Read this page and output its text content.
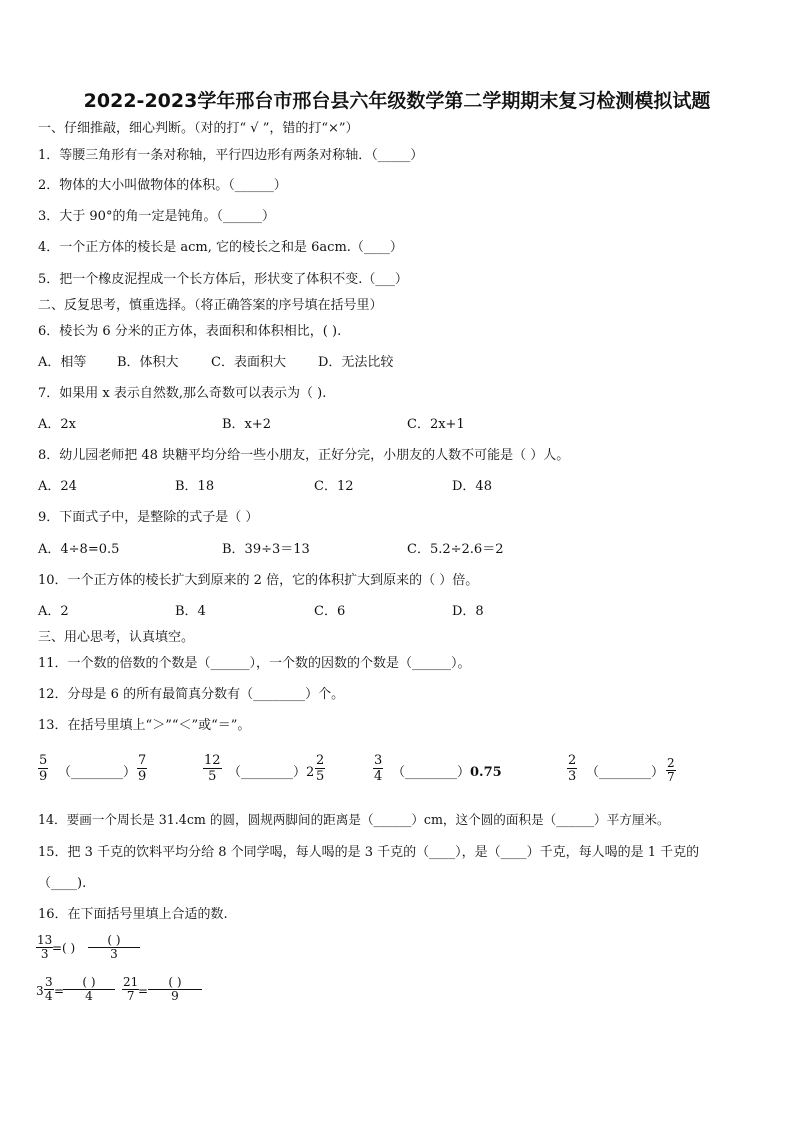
2022-2023学年邢台市邢台县六年级数学第二学期期末复习检测模拟试题
一、仔细推敲，细心判断。（对的打“ √ ”，错的打“×”）
1．等腰三角形有一条对称轴，平行四边形有两条对称轴．（_____）
2．物体的大小叫做物体的体积。（______）
3．大于 90°的角一定是钝角。（______）
4．一个正方体的棱长是 acm, 它的棱长之和是 6acm.（____）
5．把一个橡皮泥捏成一个长方体后，形状变了体积不变.（___）
二、反复思考，慎重选择。（将正确答案的序号填在括号里）
6．棱长为 6 分米的正方体，表面积和体积相比，( ).
A．相等 B．体积大 C．表面积大 D．无法比较
7．如果用 x 表示自然数,那么奇数可以表示为（ ).
A．2x	B．x+2	C．2x+1
8．幼儿园老师把 48 块糖平均分给一些小朋友，正好分完，小朋友的人数不可能是（ ）人。
A．24	B．18	C．12	D．48
9．下面式子中，是整除的式子是（ ）
A．4÷8=0.5	B．39÷3＝13	C．5.2÷2.6＝2
10．一个正方体的棱长扩大到原来的 2 倍，它的体积扩大到原来的（ ）倍。
A．2	B．4	C．6	D．8
三、用心思考，认真填空。
11．一个数的倍数的个数是（______），一个数的因数的个数是（______）。
12．分母是 6 的所有最简真分数有（________）个。
13．在括号里填上“＞”“＜”或“＝”。
5
9 （________）
7
9
12
5 （________） 2
2
5
3
4 （________） 0.75
2
3 （________）
2
7
14．要画一个周长是 31.4cm 的圆，圆规两脚间的距离是（______）cm，这个圆的面积是（______）平方厘米。
15．把 3 千克的饮料平均分给 8 个同学喝，每人喝的是 3 千克的（____），是（____）千克，每人喝的是 1 千克的
（____).
16．在下面括号里填上合适的数.
13
3 =( )
( )
3
3
3
4 =
( )
4
21
7 =
( )
9
